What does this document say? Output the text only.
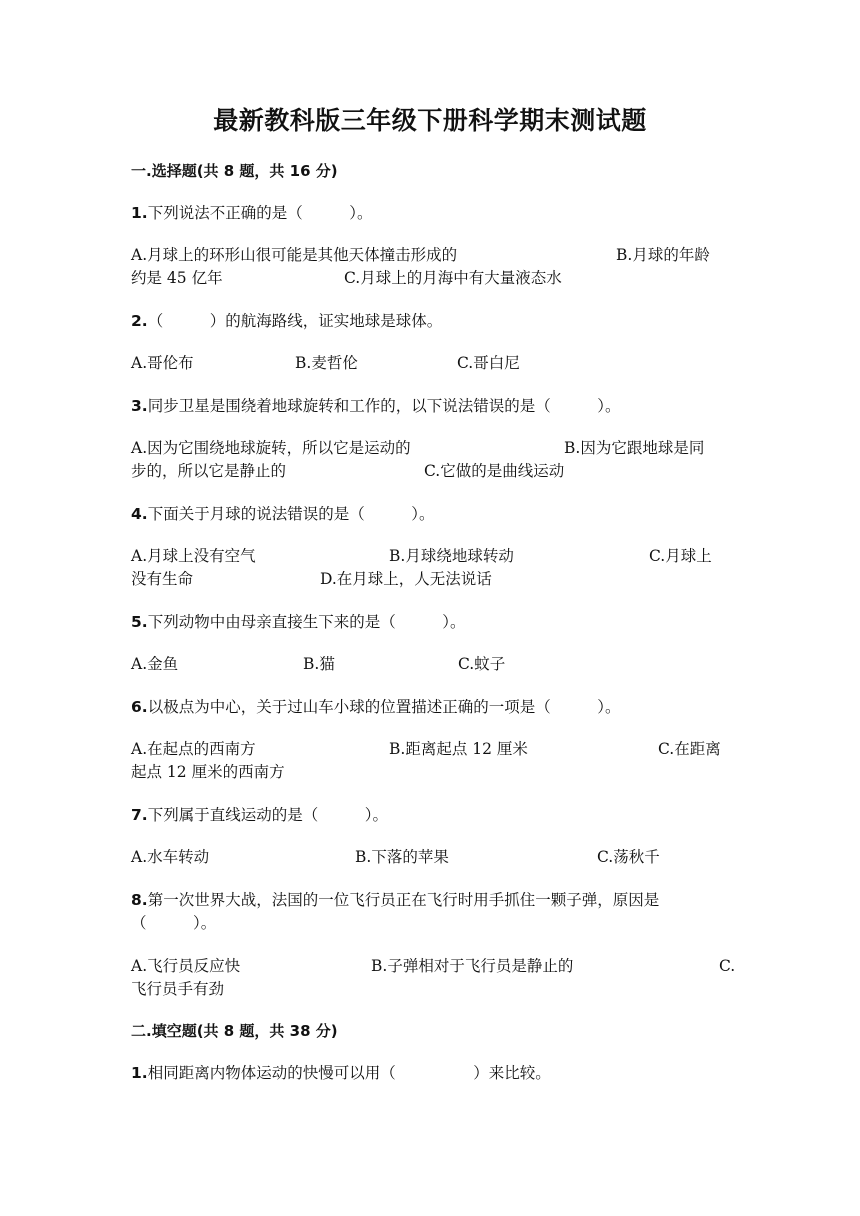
最新教科版三年级下册科学期末测试题

一.选择题(共 8 题，共 16 分)

1.下列说法不正确的是（　　　）。

A.月球上的环形山很可能是其他天体撞击形成的	B.月球的年龄

约是 45 亿年	C.月球上的月海中有大量液态水

2.（　　　）的航海路线，证实地球是球体。

A.哥伦布	B.麦哲伦	C.哥白尼

3.同步卫星是围绕着地球旋转和工作的，以下说法错误的是（　　　）。

A.因为它围绕地球旋转，所以它是运动的	B.因为它跟地球是同

步的，所以它是静止的	C.它做的是曲线运动

4.下面关于月球的说法错误的是（　　　）。

A.月球上没有空气	B.月球绕地球转动	C.月球上

没有生命	D.在月球上，人无法说话

5.下列动物中由母亲直接生下来的是（　　　）。

A.金鱼	B.猫	C.蚊子

6.以极点为中心，关于过山车小球的位置描述正确的一项是（　　　）。

A.在起点的西南方	B.距离起点 12 厘米	C.在距离

起点 12 厘米的西南方

7.下列属于直线运动的是（　　　）。

A.水车转动	B.下落的苹果	C.荡秋千

8.第一次世界大战，法国的一位飞行员正在飞行时用手抓住一颗子弹，原因是

（　　　）。

A.飞行员反应快	B.子弹相对于飞行员是静止的	C.

飞行员手有劲

二.填空题(共 8 题，共 38 分)

1.相同距离内物体运动的快慢可以用（　　　　　）来比较。
